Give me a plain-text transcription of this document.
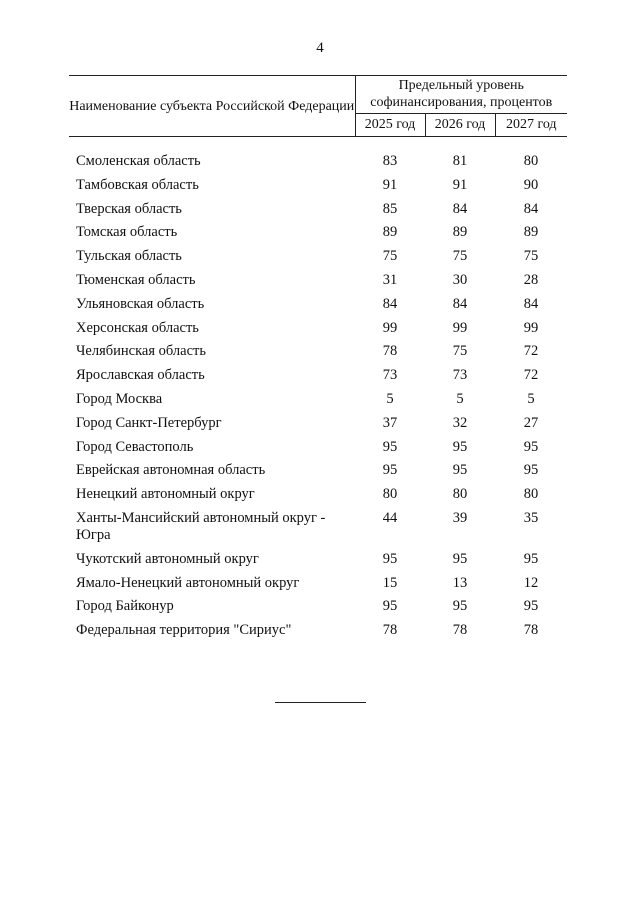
4
Наименование субъекта Российской Федерации	Предельный уровень софинансирования, процентов		
	2025 год	2026 год	2027 год

Смоленская область	83	81	80
Тамбовская область	91	91	90
Тверская область	85	84	84
Томская область	89	89	89
Тульская область	75	75	75
Тюменская область	31	30	28
Ульяновская область	84	84	84
Херсонская область	99	99	99
Челябинская область	78	75	72
Ярославская область	73	73	72
Город Москва	5	5	5
Город Санкт-Петербург	37	32	27
Город Севастополь	95	95	95
Еврейская автономная область	95	95	95
Ненецкий автономный округ	80	80	80
Ханты-Мансийский автономный округ - Югра	44	39	35
Чукотский автономный округ	95	95	95
Ямало-Ненецкий автономный округ	15	13	12
Город Байконур	95	95	95
Федеральная территория "Сириус"	78	78	78
